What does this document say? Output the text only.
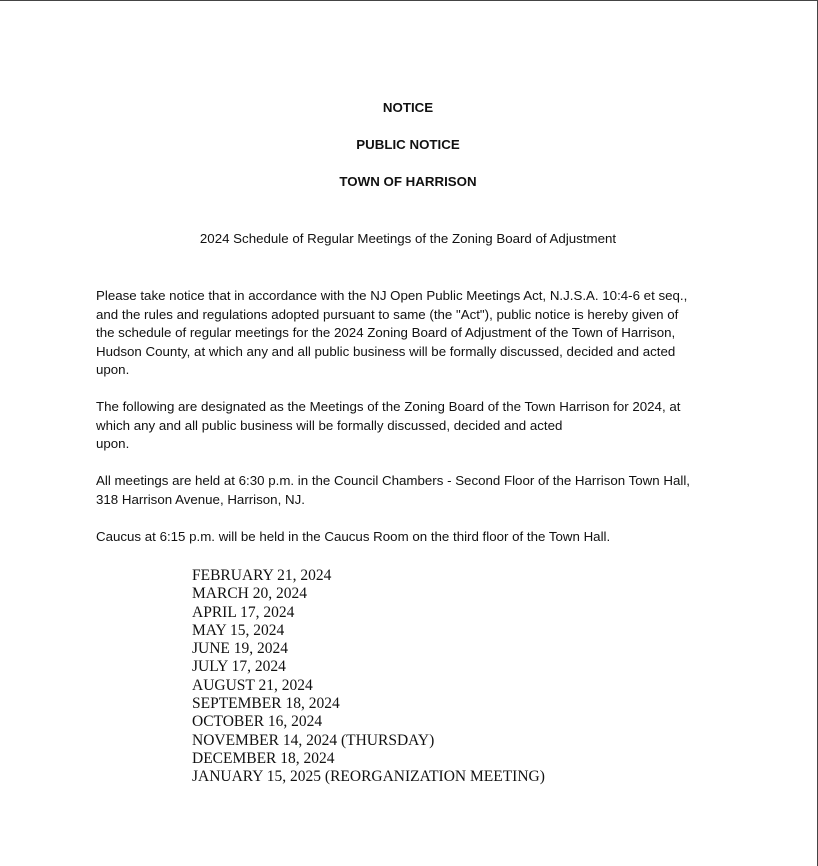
NOTICE
PUBLIC NOTICE
TOWN OF HARRISON
2024 Schedule of Regular Meetings of the Zoning Board of Adjustment
Please take notice that in accordance with the NJ Open Public Meetings Act, N.J.S.A. 10:4-6 et seq.,
and the rules and regulations adopted pursuant to same (the "Act"), public notice is hereby given of
the schedule of regular meetings for the 2024 Zoning Board of Adjustment of the Town of Harrison,
Hudson County, at which any and all public business will be formally discussed, decided and acted
upon.
The following are designated as the Meetings of the Zoning Board of the Town Harrison for 2024, at
which any and all public business will be formally discussed, decided and acted
upon.
All meetings are held at 6:30 p.m. in the Council Chambers - Second Floor of the Harrison Town Hall,
318 Harrison Avenue, Harrison, NJ.
Caucus at 6:15 p.m. will be held in the Caucus Room on the third floor of the Town Hall.
FEBRUARY 21, 2024
MARCH 20, 2024
APRIL 17, 2024
MAY 15, 2024
JUNE 19, 2024
JULY 17, 2024
AUGUST 21, 2024
SEPTEMBER 18, 2024
OCTOBER 16, 2024
NOVEMBER 14, 2024 (THURSDAY)
DECEMBER 18, 2024
JANUARY 15, 2025 (REORGANIZATION MEETING)
